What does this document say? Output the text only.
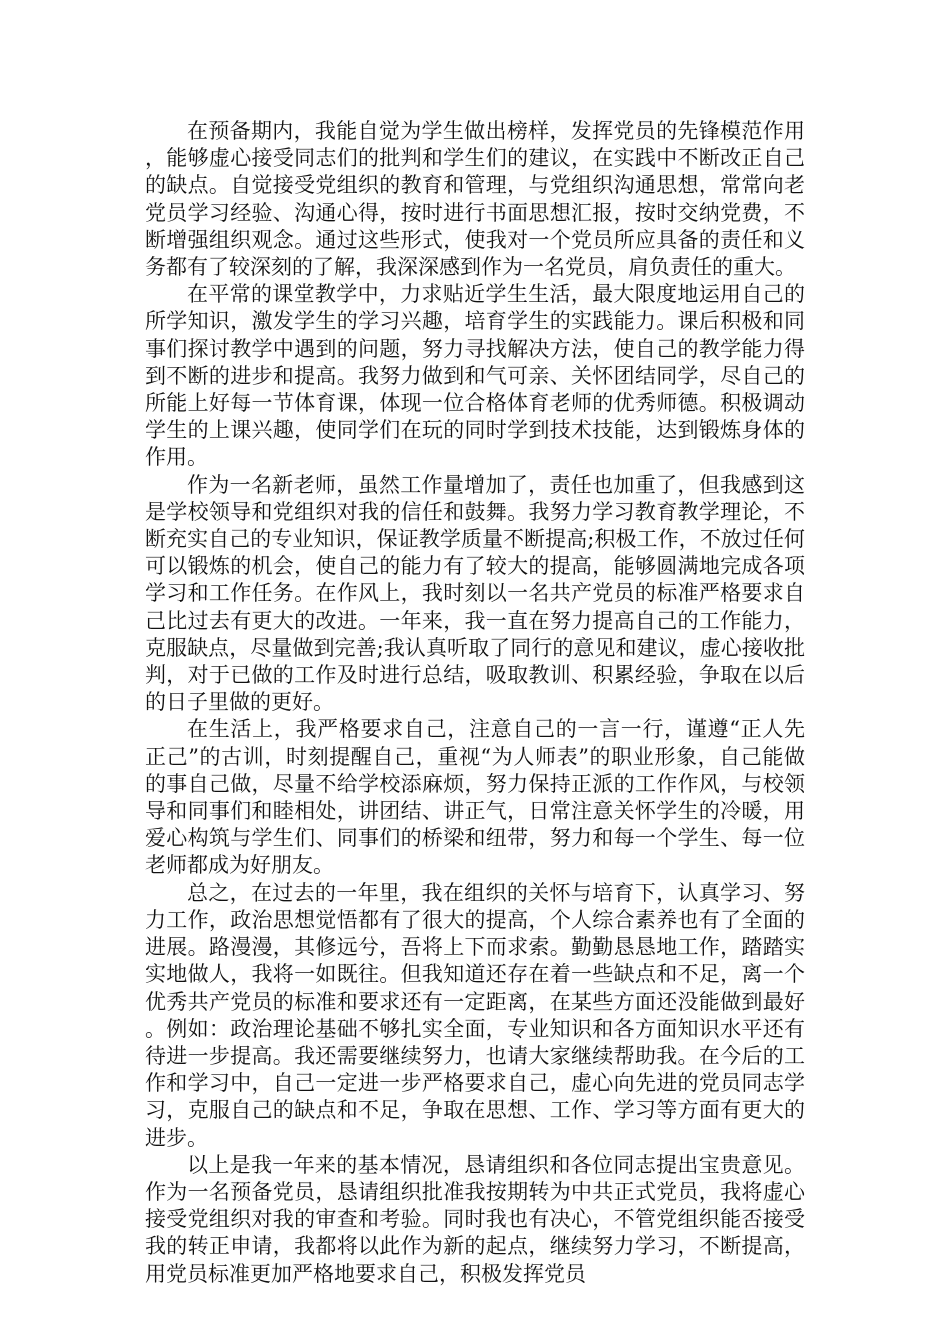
在预备期内，我能自觉为学生做出榜样，发挥党员的先锋模范作用，能够虚心接受同志们的批判和学生们的建议，在实践中不断改正自己的缺点。自觉接受党组织的教育和管理，与党组织沟通思想，常常向老党员学习经验、沟通心得，按时进行书面思想汇报，按时交纳党费，不断增强组织观念。通过这些形式，使我对一个党员所应具备的责任和义务都有了较深刻的了解，我深深感到作为一名党员，肩负责任的重大。

在平常的课堂教学中，力求贴近学生生活，最大限度地运用自己的所学知识，激发学生的学习兴趣，培育学生的实践能力。课后积极和同事们探讨教学中遇到的问题，努力寻找解决方法，使自己的教学能力得到不断的进步和提高。我努力做到和气可亲、关怀团结同学，尽自己的所能上好每一节体育课，体现一位合格体育老师的优秀师德。积极调动学生的上课兴趣，使同学们在玩的同时学到技术技能，达到锻炼身体的作用。

作为一名新老师，虽然工作量增加了，责任也加重了，但我感到这是学校领导和党组织对我的信任和鼓舞。我努力学习教育教学理论，不断充实自己的专业知识，保证教学质量不断提高;积极工作，不放过任何可以锻炼的机会，使自己的能力有了较大的提高，能够圆满地完成各项学习和工作任务。在作风上，我时刻以一名共产党员的标准严格要求自己比过去有更大的改进。一年来，我一直在努力提高自己的工作能力，克服缺点，尽量做到完善;我认真听取了同行的意见和建议，虚心接收批判，对于已做的工作及时进行总结，吸取教训、积累经验，争取在以后的日子里做的更好。

在生活上，我严格要求自己，注意自己的一言一行，谨遵“正人先正己”的古训，时刻提醒自己，重视“为人师表”的职业形象，自己能做的事自己做，尽量不给学校添麻烦，努力保持正派的工作作风，与校领导和同事们和睦相处，讲团结、讲正气，日常注意关怀学生的冷暖，用爱心构筑与学生们、同事们的桥梁和纽带，努力和每一个学生、每一位老师都成为好朋友。

总之，在过去的一年里，我在组织的关怀与培育下，认真学习、努力工作，政治思想觉悟都有了很大的提高，个人综合素养也有了全面的进展。路漫漫，其修远兮，吾将上下而求索。勤勤恳恳地工作，踏踏实实地做人，我将一如既往。但我知道还存在着一些缺点和不足，离一个优秀共产党员的标准和要求还有一定距离，在某些方面还没能做到最好。例如：政治理论基础不够扎实全面，专业知识和各方面知识水平还有待进一步提高。我还需要继续努力，也请大家继续帮助我。在今后的工作和学习中，自己一定进一步严格要求自己，虚心向先进的党员同志学习，克服自己的缺点和不足，争取在思想、工作、学习等方面有更大的进步。

以上是我一年来的基本情况，恳请组织和各位同志提出宝贵意见。作为一名预备党员，恳请组织批准我按期转为中共正式党员，我将虚心接受党组织对我的审查和考验。同时我也有决心，不管党组织能否接受我的转正申请，我都将以此作为新的起点，继续努力学习，不断提高，用党员标准更加严格地要求自己，积极发挥党员
